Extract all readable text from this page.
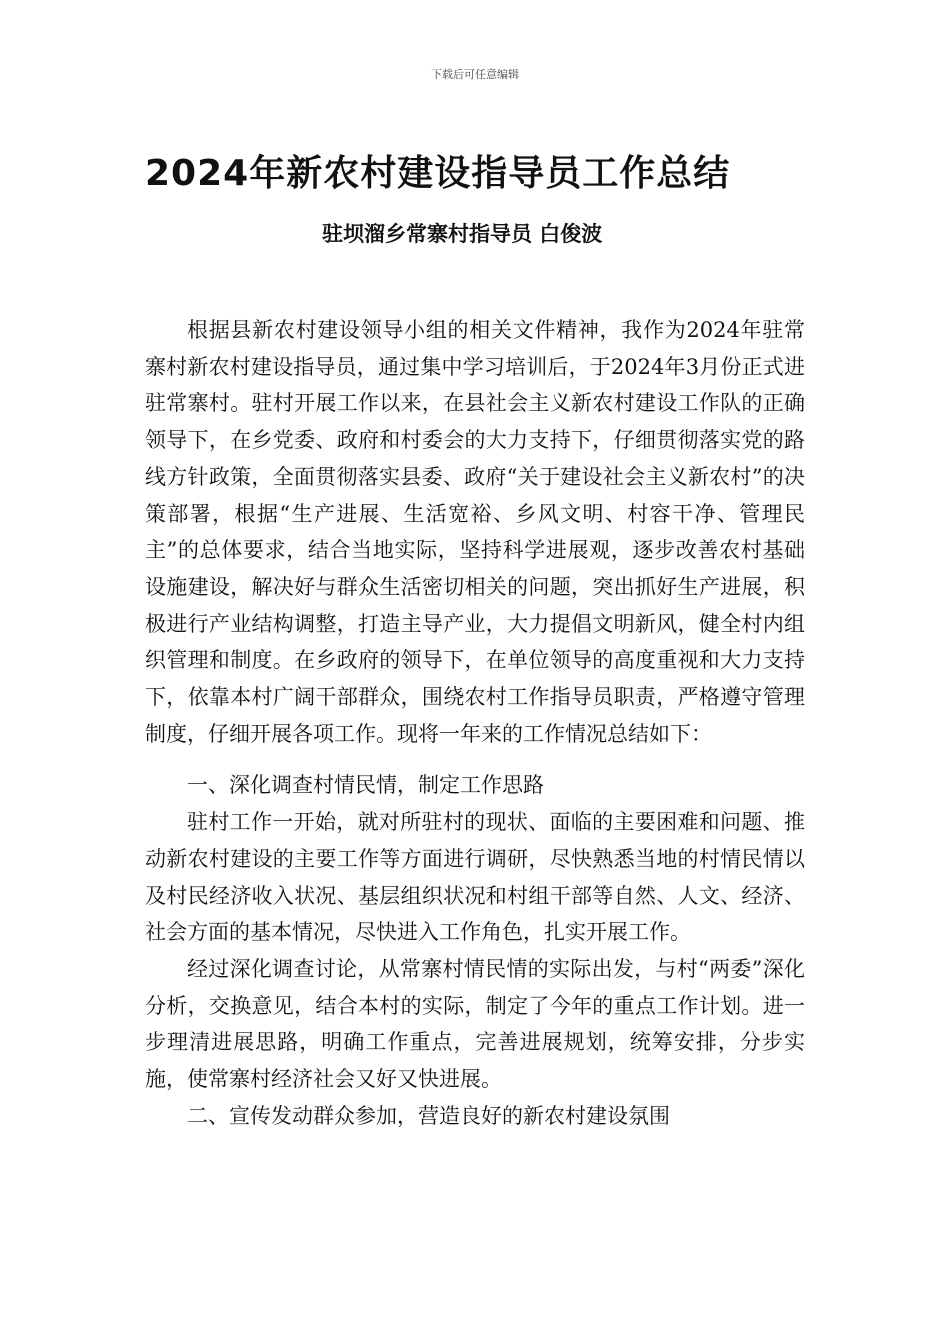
下载后可任意编辑
2024年新农村建设指导员工作总结
驻坝溜乡常寨村指导员 白俊波

根据县新农村建设领导小组的相关文件精神，我作为2024年驻常寨村新农村建设指导员，通过集中学习培训后，于2024年3月份正式进驻常寨村。驻村开展工作以来，在县社会主义新农村建设工作队的正确领导下，在乡党委、政府和村委会的大力支持下，仔细贯彻落实党的路线方针政策，全面贯彻落实县委、政府“关于建设社会主义新农村”的决策部署，根据“生产进展、生活宽裕、乡风文明、村容干净、管理民主”的总体要求，结合当地实际，坚持科学进展观，逐步改善农村基础设施建设，解决好与群众生活密切相关的问题，突出抓好生产进展，积极进行产业结构调整，打造主导产业，大力提倡文明新风，健全村内组织管理和制度。在乡政府的领导下，在单位领导的高度重视和大力支持下，依靠本村广阔干部群众，围绕农村工作指导员职责，严格遵守管理制度，仔细开展各项工作。现将一年来的工作情况总结如下：

一、深化调查村情民情，制定工作思路

驻村工作一开始，就对所驻村的现状、面临的主要困难和问题、推动新农村建设的主要工作等方面进行调研，尽快熟悉当地的村情民情以及村民经济收入状况、基层组织状况和村组干部等自然、人文、经济、社会方面的基本情况，尽快进入工作角色，扎实开展工作。

经过深化调查讨论，从常寨村情民情的实际出发，与村“两委”深化分析，交换意见，结合本村的实际，制定了今年的重点工作计划。进一步理清进展思路，明确工作重点，完善进展规划，统筹安排，分步实施，使常寨村经济社会又好又快进展。

二、宣传发动群众参加，营造良好的新农村建设氛围
